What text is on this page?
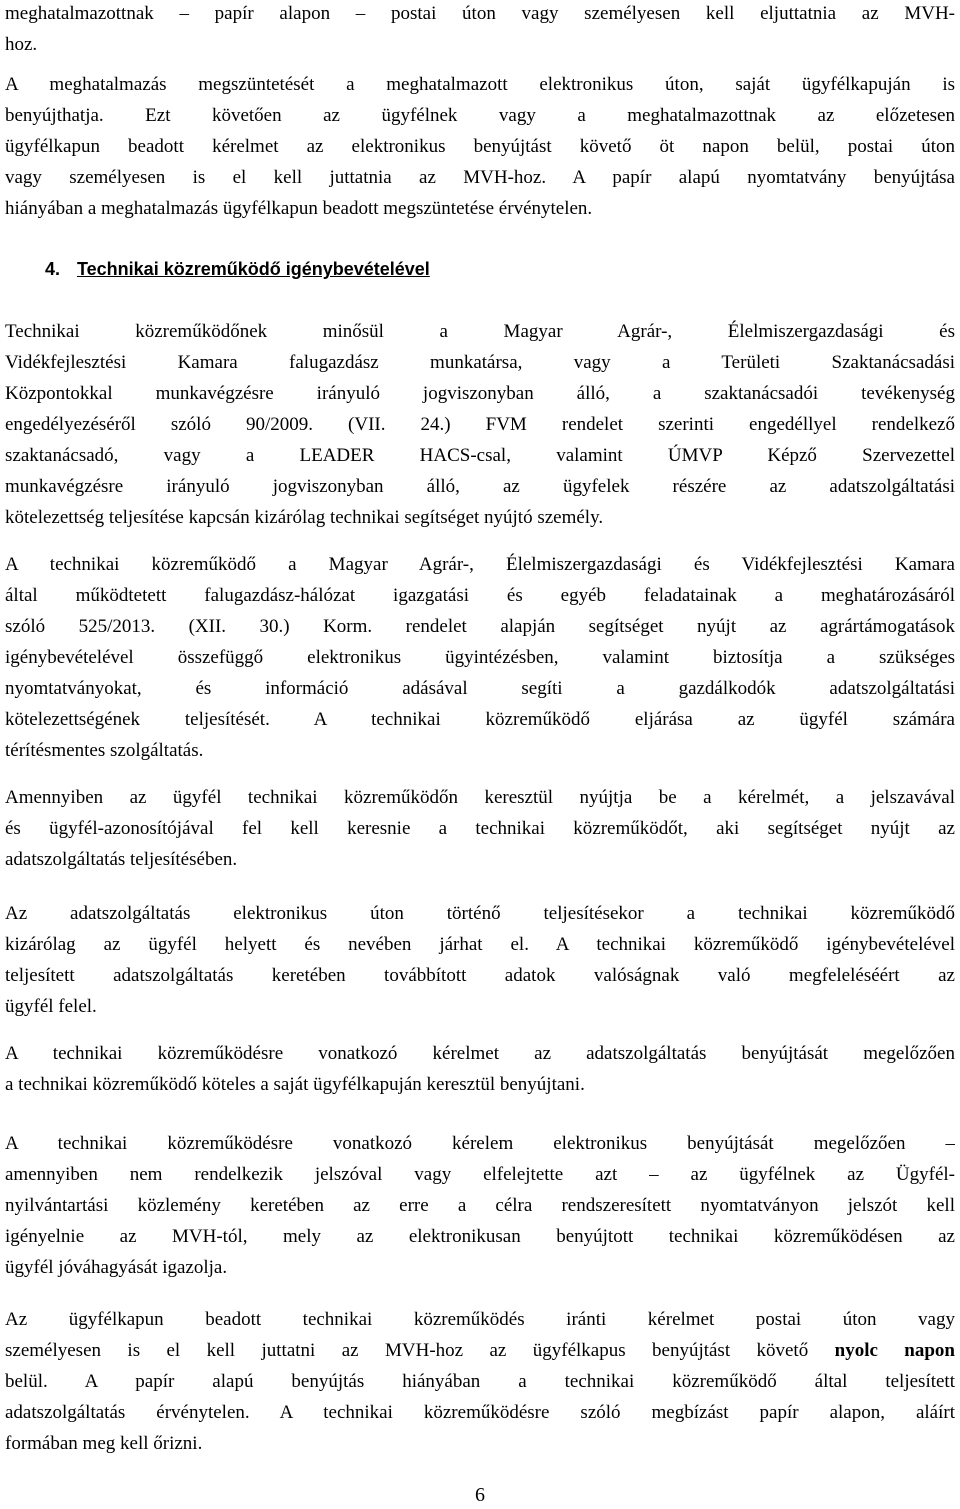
meghatalmazottnak – papír alapon – postai úton vagy személyesen kell eljuttatnia az MVH-
hoz.
A meghatalmazás megszüntetését a meghatalmazott elektronikus úton, saját ügyfélkapuján is
benyújthatja. Ezt követően az ügyfélnek vagy a meghatalmazottnak az előzetesen
ügyfélkapun beadott kérelmet az elektronikus benyújtást követő öt napon belül, postai úton
vagy személyesen is el kell juttatnia az MVH-hoz. A papír alapú nyomtatvány benyújtása
hiányában a meghatalmazás ügyfélkapun beadott megszüntetése érvénytelen.
4. Technikai közreműködő igénybevételével
Technikai közreműködőnek minősül a Magyar Agrár-, Élelmiszergazdasági és
Vidékfejlesztési Kamara falugazdász munkatársa, vagy a Területi Szaktanácsadási
Központokkal munkavégzésre irányuló jogviszonyban álló, a szaktanácsadói tevékenység
engedélyezéséről szóló 90/2009. (VII. 24.) FVM rendelet szerinti engedéllyel rendelkező
szaktanácsadó, vagy a LEADER HACS-csal, valamint ÚMVP Képző Szervezettel
munkavégzésre irányuló jogviszonyban álló, az ügyfelek részére az adatszolgáltatási
kötelezettség teljesítése kapcsán kizárólag technikai segítséget nyújtó személy.
A technikai közreműködő a Magyar Agrár-, Élelmiszergazdasági és Vidékfejlesztési Kamara
által működtetett falugazdász-hálózat igazgatási és egyéb feladatainak a meghatározásáról
szóló 525/2013. (XII. 30.) Korm. rendelet alapján segítséget nyújt az agrártámogatások
igénybevételével összefüggő elektronikus ügyintézésben, valamint biztosítja a szükséges
nyomtatványokat, és információ adásával segíti a gazdálkodók adatszolgáltatási
kötelezettségének teljesítését. A technikai közreműködő eljárása az ügyfél számára
térítésmentes szolgáltatás.
Amennyiben az ügyfél technikai közreműködőn keresztül nyújtja be a kérelmét, a jelszavával
és ügyfél-azonosítójával fel kell keresnie a technikai közreműködőt, aki segítséget nyújt az
adatszolgáltatás teljesítésében.
Az adatszolgáltatás elektronikus úton történő teljesítésekor a technikai közreműködő
kizárólag az ügyfél helyett és nevében járhat el. A technikai közreműködő igénybevételével
teljesített adatszolgáltatás keretében továbbított adatok valóságnak való megfeleléséért az
ügyfél felel.
A technikai közreműködésre vonatkozó kérelmet az adatszolgáltatás benyújtását megelőzően
a technikai közreműködő köteles a saját ügyfélkapuján keresztül benyújtani.
A technikai közreműködésre vonatkozó kérelem elektronikus benyújtását megelőzően –
amennyiben nem rendelkezik jelszóval vagy elfelejtette azt – az ügyfélnek az Ügyfél-
nyilvántartási közlemény keretében az erre a célra rendszeresített nyomtatványon jelszót kell
igényelnie az MVH-tól, mely az elektronikusan benyújtott technikai közreműködésen az
ügyfél jóváhagyását igazolja.
Az ügyfélkapun beadott technikai közreműködés iránti kérelmet postai úton vagy
személyesen is el kell juttatni az MVH-hoz az ügyfélkapus benyújtást követő nyolc napon
belül. A papír alapú benyújtás hiányában a technikai közreműködő által teljesített
adatszolgáltatás érvénytelen. A technikai közreműködésre szóló megbízást papír alapon, aláírt
formában meg kell őrizni.
6
